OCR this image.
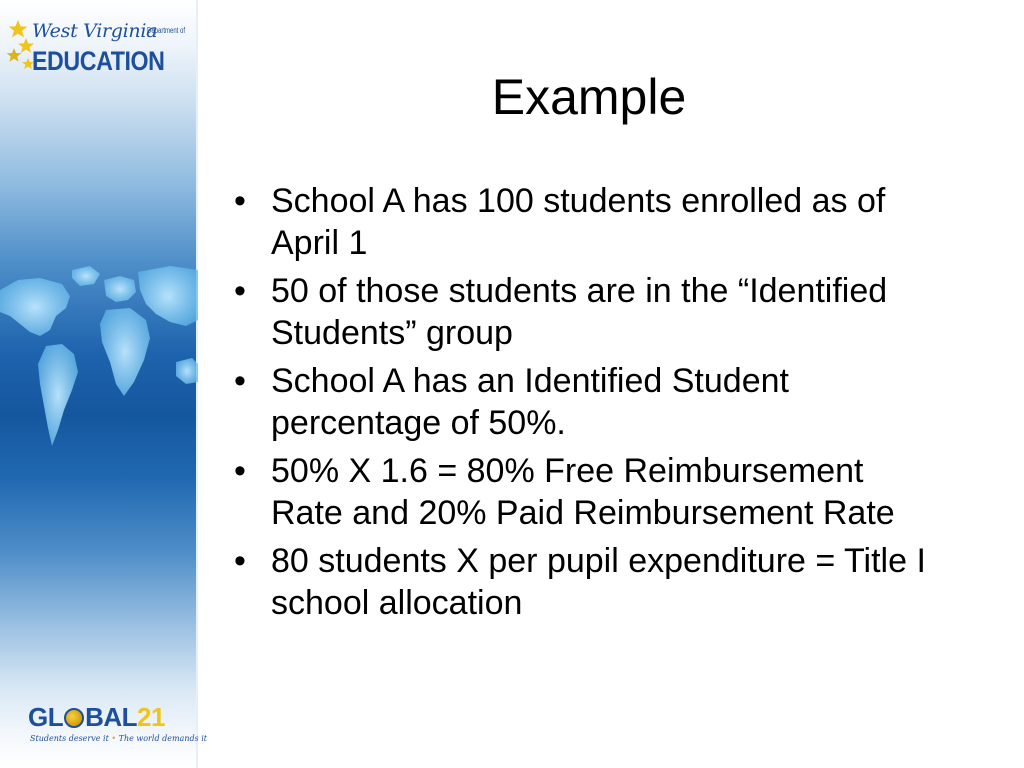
West Virginia
Department of
EDUCATION
Example
• School A has 100 students enrolled as of April 1
• 50 of those students are in the “Identified Students” group
• School A has an Identified Student percentage of 50%.
• 50% X 1.6 = 80% Free Reimbursement Rate and 20% Paid Reimbursement Rate
• 80 students X per pupil expenditure = Title I school allocation
GL BAL21
Students deserve it • The world demands it
